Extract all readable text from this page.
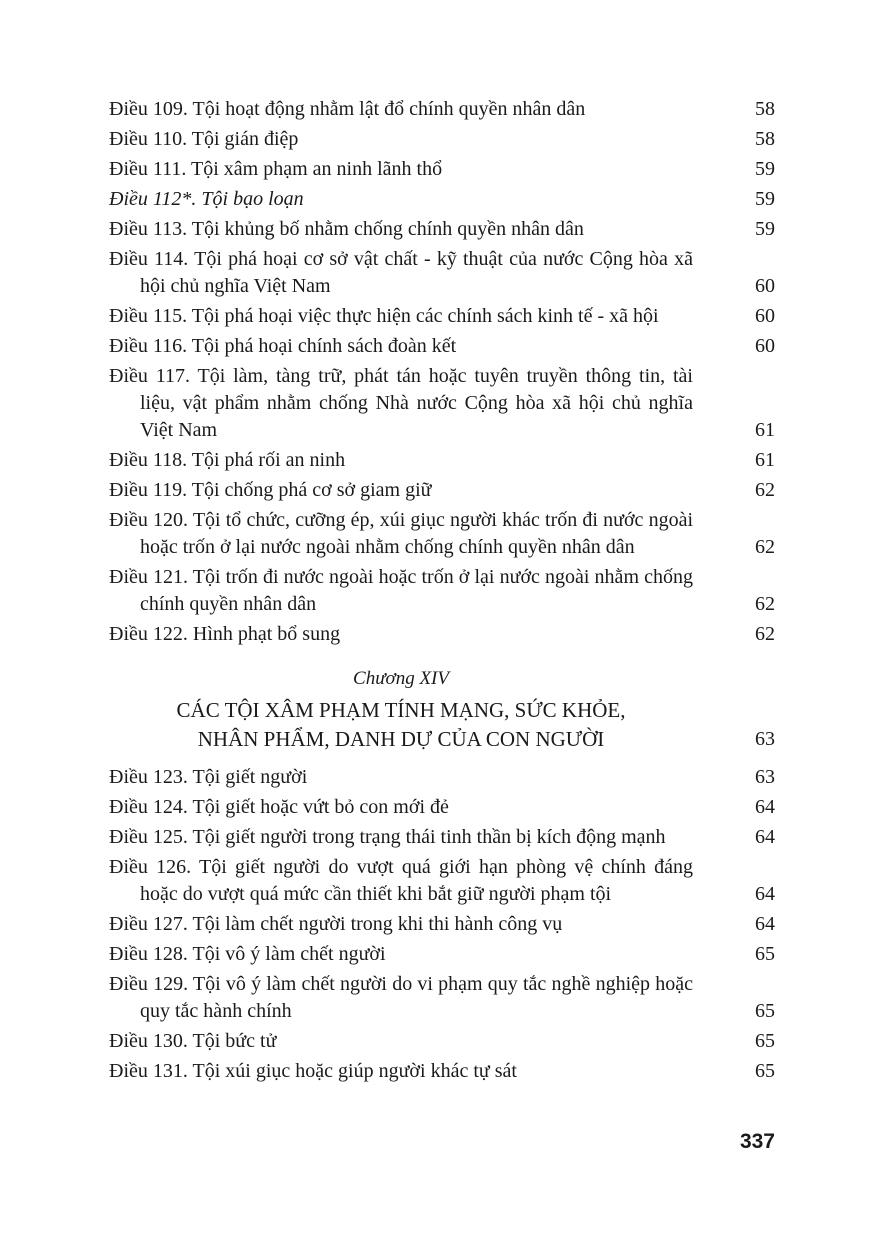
Điều 109. Tội hoạt động nhằm lật đổ chính quyền nhân dân	58
Điều 110. Tội gián điệp	58
Điều 111. Tội xâm phạm an ninh lãnh thổ	59
Điều 112*. Tội bạo loạn	59
Điều 113. Tội khủng bố nhằm chống chính quyền nhân dân	59
Điều 114. Tội phá hoại cơ sở vật chất - kỹ thuật của nước Cộng hòa xã hội chủ nghĩa Việt Nam	60
Điều 115. Tội phá hoại việc thực hiện các chính sách kinh tế - xã hội	60
Điều 116. Tội phá hoại chính sách đoàn kết	60
Điều 117. Tội làm, tàng trữ, phát tán hoặc tuyên truyền thông tin, tài liệu, vật phẩm nhằm chống Nhà nước Cộng hòa xã hội chủ nghĩa Việt Nam	61
Điều 118. Tội phá rối an ninh	61
Điều 119. Tội chống phá cơ sở giam giữ	62
Điều 120. Tội tổ chức, cưỡng ép, xúi giục người khác trốn đi nước ngoài hoặc trốn ở lại nước ngoài nhằm chống chính quyền nhân dân	62
Điều 121. Tội trốn đi nước ngoài hoặc trốn ở lại nước ngoài nhằm chống chính quyền nhân dân	62
Điều 122. Hình phạt bổ sung	62
Chương XIV
CÁC TỘI XÂM PHẠM TÍNH MẠNG, SỨC KHỎE,
NHÂN PHẨM, DANH DỰ CỦA CON NGƯỜI	63
Điều 123. Tội giết người	63
Điều 124. Tội giết hoặc vứt bỏ con mới đẻ	64
Điều 125. Tội giết người trong trạng thái tinh thần bị kích động mạnh	64
Điều 126. Tội giết người do vượt quá giới hạn phòng vệ chính đáng hoặc do vượt quá mức cần thiết khi bắt giữ người phạm tội	64
Điều 127. Tội làm chết người trong khi thi hành công vụ	64
Điều 128. Tội vô ý làm chết người	65
Điều 129. Tội vô ý làm chết người do vi phạm quy tắc nghề nghiệp hoặc quy tắc hành chính	65
Điều 130. Tội bức tử	65
Điều 131. Tội xúi giục hoặc giúp người khác tự sát	65
337
